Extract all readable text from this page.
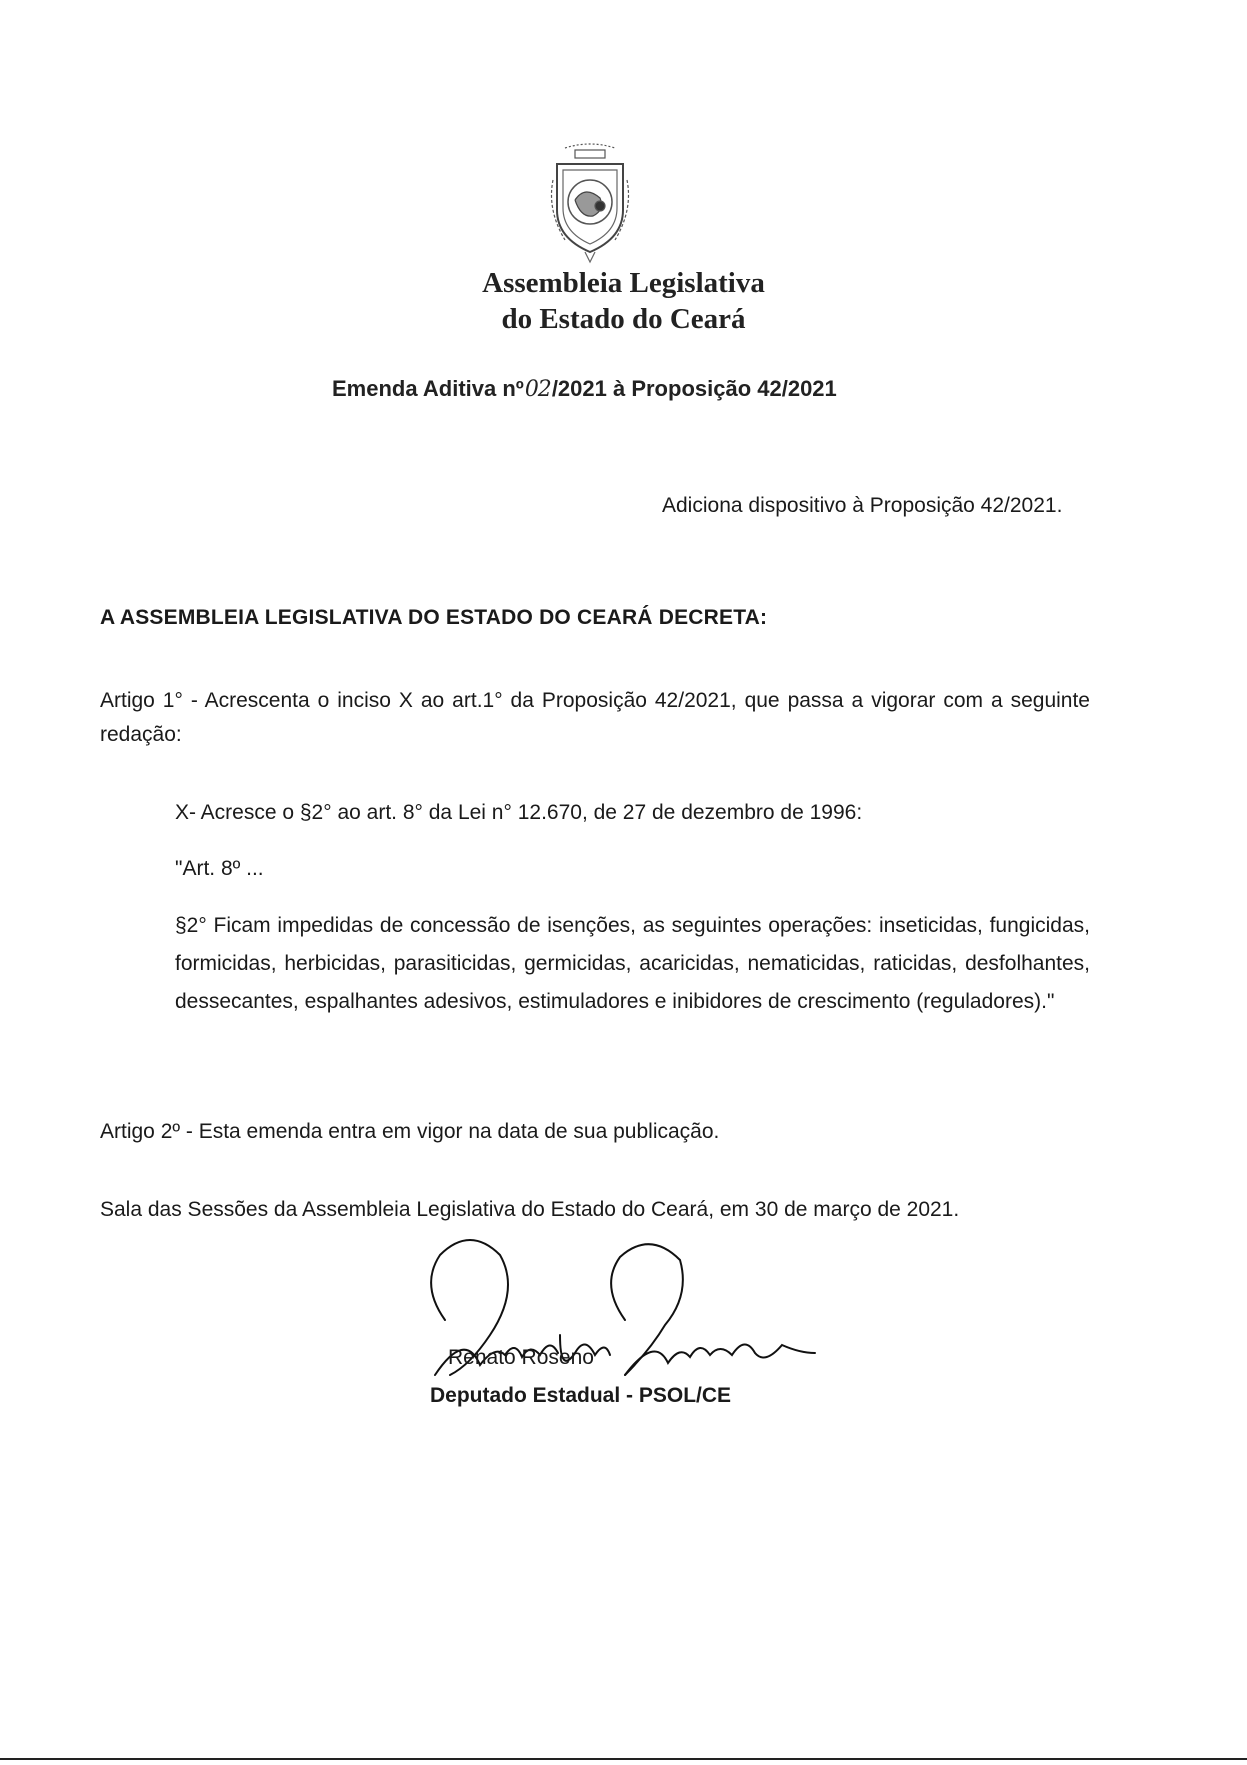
Assembleia Legislativa
do Estado do Ceará
Emenda Aditiva nº02/2021 à Proposição 42/2021
Adiciona dispositivo à Proposição 42/2021.
A ASSEMBLEIA LEGISLATIVA DO ESTADO DO CEARÁ DECRETA:
Artigo 1° - Acrescenta o inciso X ao art.1° da Proposição 42/2021, que passa a vigorar com a seguinte redação:
X- Acresce o §2° ao art. 8° da Lei n° 12.670, de 27 de dezembro de 1996:
"Art. 8º ...
§2° Ficam impedidas de concessão de isenções, as seguintes operações: inseticidas, fungicidas, formicidas, herbicidas, parasiticidas, germicidas, acaricidas, nematicidas, raticidas, desfolhantes, dessecantes, espalhantes adesivos, estimuladores e inibidores de crescimento (reguladores)."
Artigo 2º - Esta emenda entra em vigor na data de sua publicação.
Sala das Sessões da Assembleia Legislativa do Estado do Ceará, em 30 de março de 2021.
Renato Roseno
Deputado Estadual - PSOL/CE
